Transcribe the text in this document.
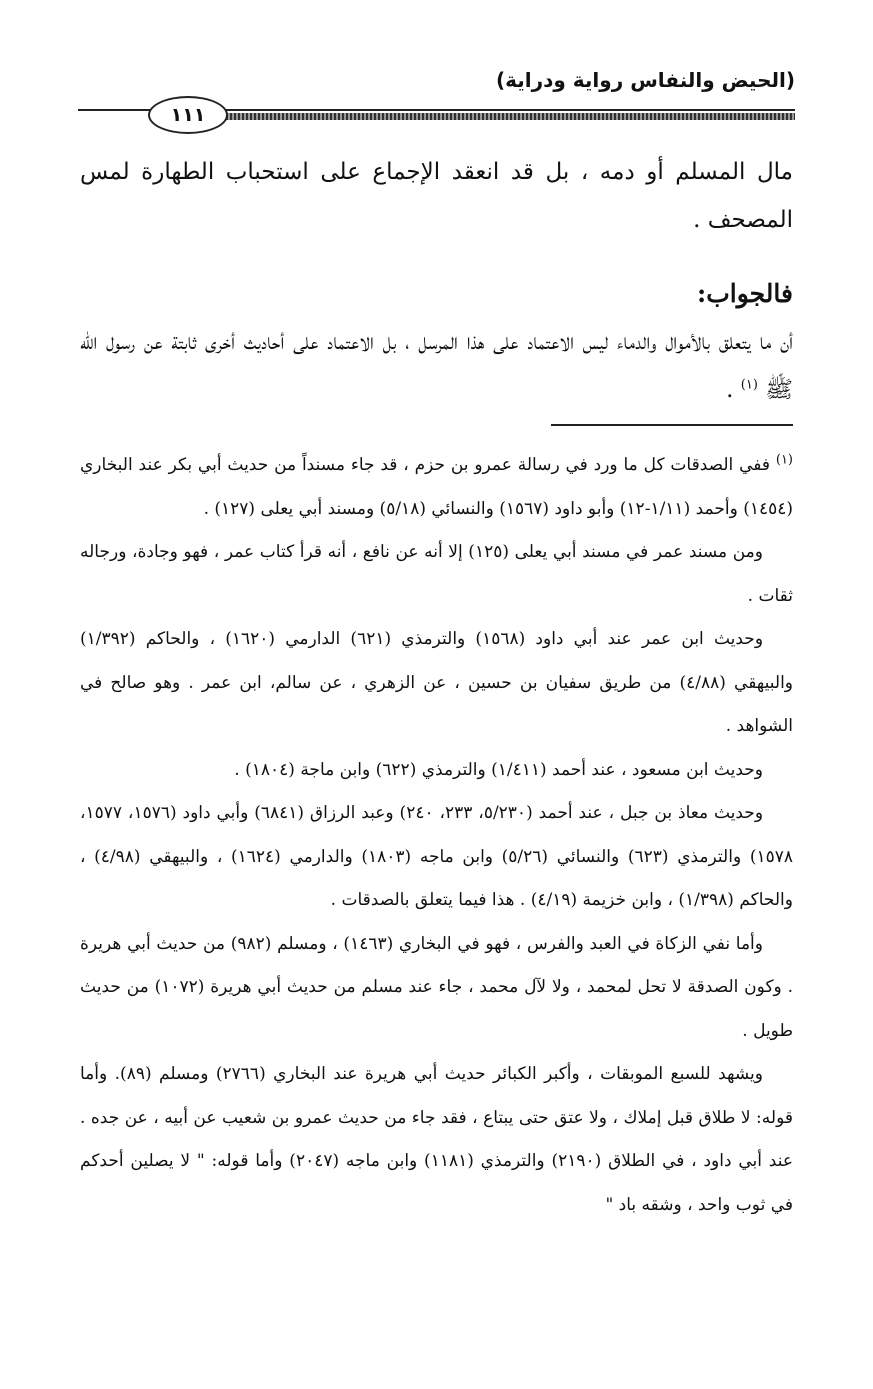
(الحيض والنفاس رواية ودراية)
١١١

مال المسلم أو دمه ، بل قد انعقد الإجماع على استحباب الطهارة لمس المصحف .

فالجواب:

أن ما يتعلق بالأموال والدماء ليس الاعتماد على هذا المرسل ، بل الاعتماد على أحاديث أخرى ثابتة عن رسول الله ﷺ $^{(١)}$ .

$^{(١)}$ ففي الصدقات كل ما ورد في رسالة عمرو بن حزم ، قد جاء مسنداً من حديث أبي بكر عند البخاري (١٤٥٤) وأحمد (١/١١-١٢) وأبو داود (١٥٦٧) والنسائي (٥/١٨) ومسند أبي يعلى (١٢٧) .

ومن مسند عمر في مسند أبي يعلى (١٢٥) إلا أنه عن نافع ، أنه قرأ كتاب عمر ، فهو وجادة، ورجاله ثقات .

وحديث ابن عمر عند أبي داود (١٥٦٨) والترمذي (٦٢١) الدارمي (١٦٢٠) ، والحاكم (١/٣٩٢) والبيهقي (٤/٨٨) من طريق سفيان بن حسين ، عن الزهري ، عن سالم، ابن عمر . وهو صالح في الشواهد .

وحديث ابن مسعود ، عند أحمد (١/٤١١) والترمذي (٦٢٢) وابن ماجة (١٨٠٤) .

وحديث معاذ بن جبل ، عند أحمد (٥/٢٣٠، ٢٣٣، ٢٤٠) وعبد الرزاق (٦٨٤١) وأبي داود (١٥٧٦، ١٥٧٧، ١٥٧٨) والترمذي (٦٢٣) والنسائي (٥/٢٦) وابن ماجه (١٨٠٣) والدارمي (١٦٢٤) ، والبيهقي (٤/٩٨) ، والحاكم (١/٣٩٨) ، وابن خزيمة (٤/١٩) . هذا فيما يتعلق بالصدقات .

وأما نفي الزكاة في العبد والفرس ، فهو في البخاري (١٤٦٣) ، ومسلم (٩٨٢) من حديث أبي هريرة . وكون الصدقة لا تحل لمحمد ، ولا لآل محمد ، جاء عند مسلم من حديث أبي هريرة (١٠٧٢) من حديث طويل .

ويشهد للسبع الموبقات ، وأكبر الكبائر حديث أبي هريرة عند البخاري (٢٧٦٦) ومسلم (٨٩). وأما قوله: لا طلاق قبل إملاك ، ولا عتق حتى يبتاع ، فقد جاء من حديث عمرو بن شعيب عن أبيه ، عن جده . عند أبي داود ، في الطلاق (٢١٩٠) والترمذي (١١٨١) وابن ماجه (٢٠٤٧) وأما قوله: " لا يصلين أحدكم في ثوب واحد ، وشقه باد "
